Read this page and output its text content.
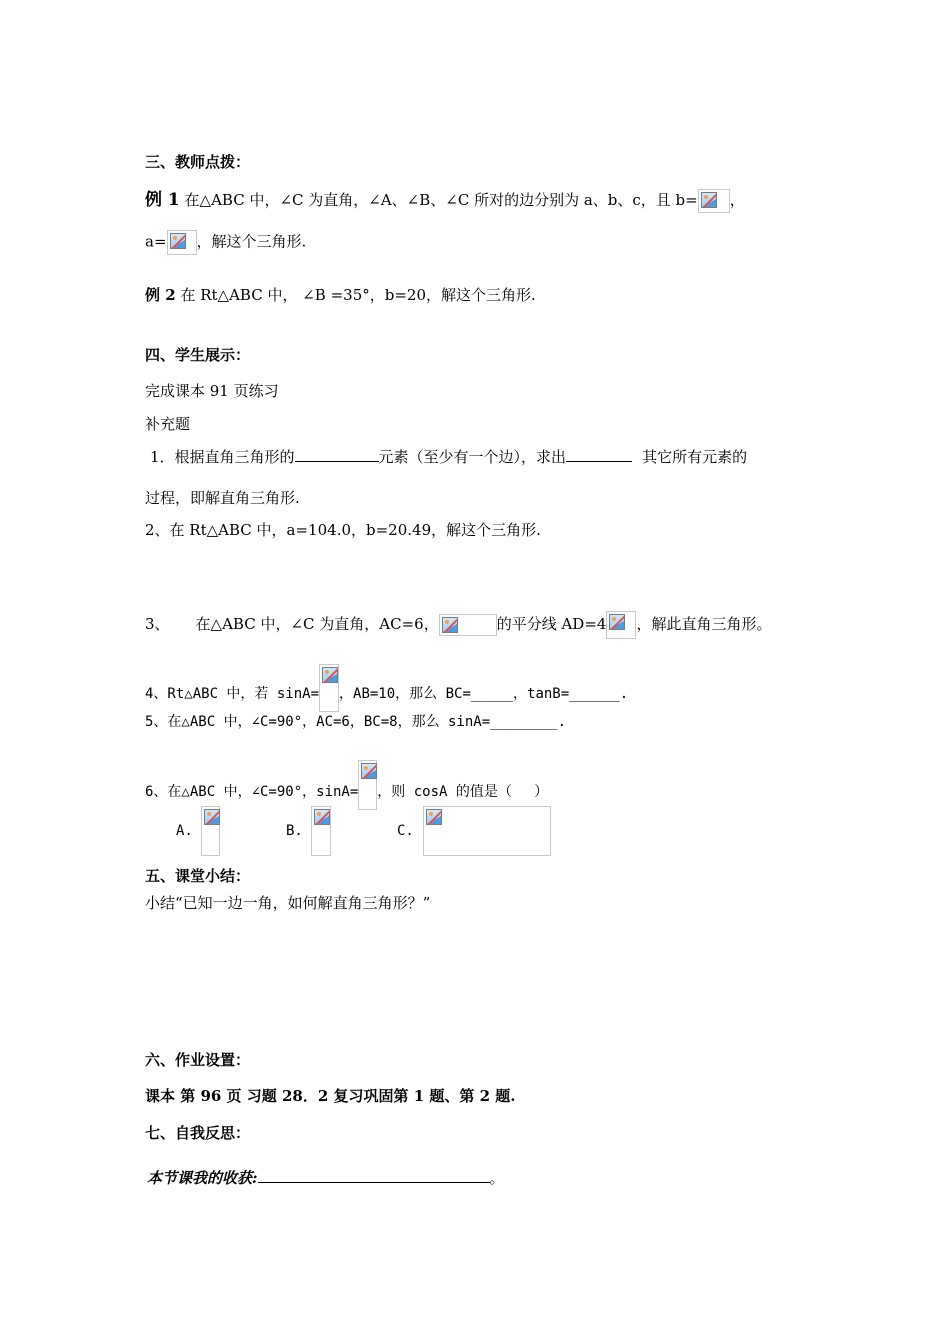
三、教师点拨：
例 1 在△ABC 中，∠C 为直角，∠A、∠B、∠C 所对的边分别为 a、b、c，且 b= ，
a= ，解这个三角形.
例 2 在 Rt△ABC 中， ∠B =35°，b=20，解这个三角形.
四、学生展示：
完成课本 91 页练习
补充题
1．根据直角三角形的	元素（至少有一个边），求出	其它所有元素的
过程，即解直角三角形.
2、在 Rt△ABC 中，a=104.0，b=20.49，解这个三角形.
3、 在△ABC 中，∠C 为直角，AC=6，	的平分线 AD=4 ，解此直角三角形。
4、Rt△ABC 中，若 sinA= ，AB=10，那么 BC=_____，tanB=______.
5、在△ABC 中，∠C=90°，AC=6，BC=8，那么 sinA=________.
6、在△ABC 中，∠C=90°，sinA= ，则 cosA 的值是（　 ）
A.	B.	C.
五、课堂小结：
小结“已知一边一角，如何解直角三角形？”
六、作业设置：
课本 第 96 页 习题 28．2 复习巩固第 1 题、第 2 题.
七、自我反思：
本节课我的收获:	。
